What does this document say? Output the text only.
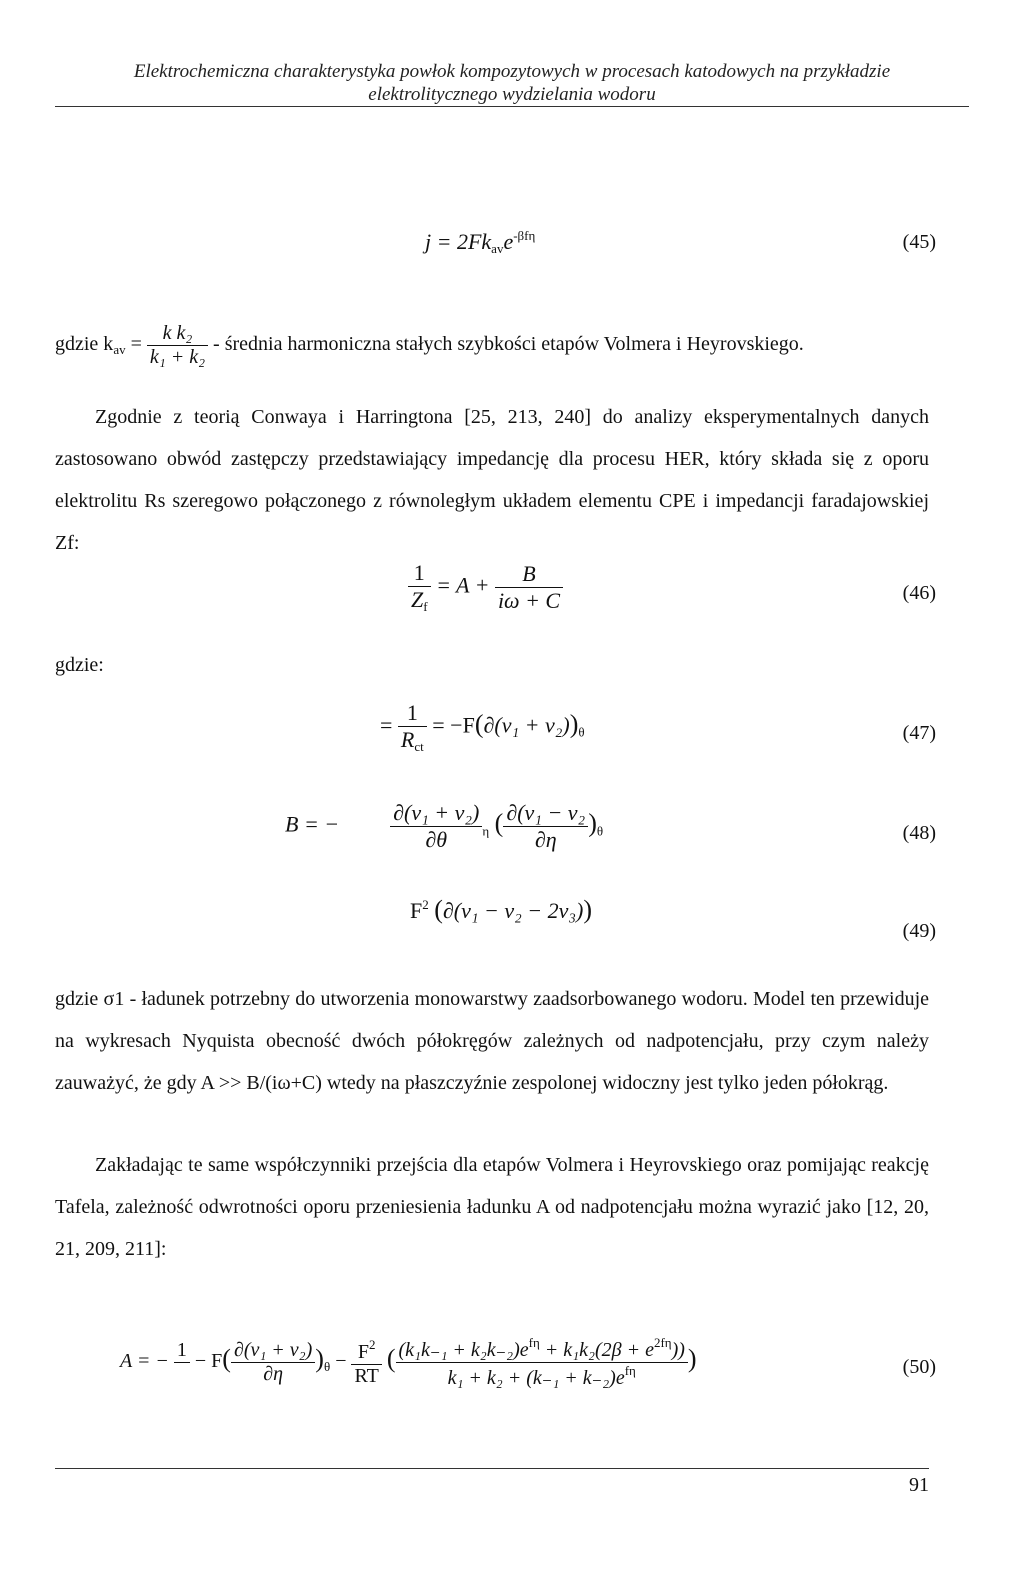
Elektrochemiczna charakterystyka powłok kompozytowych w procesach katodowych na przykładzie
elektrolitycznego wydzielania wodoru
$j = 2Fk_{av}e^{-\beta f\eta}$	(45)
gdzie $k_{av} = \frac{\text{k k₂}}{\text{k₁ + k₂}}$ - średnia harmoniczna stałych szybkości etapów Volmera i Heyrovskiego.
Zgodnie z teorią Conwaya i Harringtona [25, 213, 240] do analizy eksperymentalnych danych zastosowano obwód zastępczy przedstawiający impedancję dla procesu HER, który składa się z oporu elektrolitu Rs szeregowo połączonego z równoległym układem elementu CPE i impedancji faradajowskiej Zf:
$\frac{1}{Z_f} = A + \frac{B}{i\omega + C}$	(46)
gdzie:
= $\frac{1}{R_{ct}} = -F(\partial(\nu_1 + \nu_2))_\theta$	(47)
B = − $\frac{\text{∂(ν₁ + ν₂)}}{\partial\theta} _\eta$ ( $\frac{\text{∂(ν₁ − ν₂}}{\partial\eta} )_\theta$	(48)
$F^2$ (∂(ν₁ − ν₂ − 2ν₃))
(49)
gdzie σ1 - ładunek potrzebny do utworzenia monowarstwy zaadsorbowanego wodoru. Model ten przewiduje na wykresach Nyquista obecność dwóch półokręgów zależnych od nadpotencjału, przy czym należy zauważyć, że gdy A >> B/(iω+C) wtedy na płaszczyźnie zespolonej widoczny jest tylko jeden półokrąg.
Zakładając te same współczynniki przejścia dla etapów Volmera i Heyrovskiego oraz pomijając reakcję Tafela, zależność odwrotności oporu przeniesienia ładunku A od nadpotencjału można wyrazić jako [12, 20, 21, 209, 211]:
A = −
1

− $F( \frac{\text{∂(ν₁ + ν₂)}}{\partial\eta} )_\theta - \frac{F^2}{RT}$ ( $\frac{(k_1k_{-1} + k_2k_{-2})e^{f\eta} + k_1k_2(2\beta + e^{2f\eta}))}{k_1 + k_2 + (k_{-1} + k_{-2})e^{f\eta}}$ )	(50)
91
